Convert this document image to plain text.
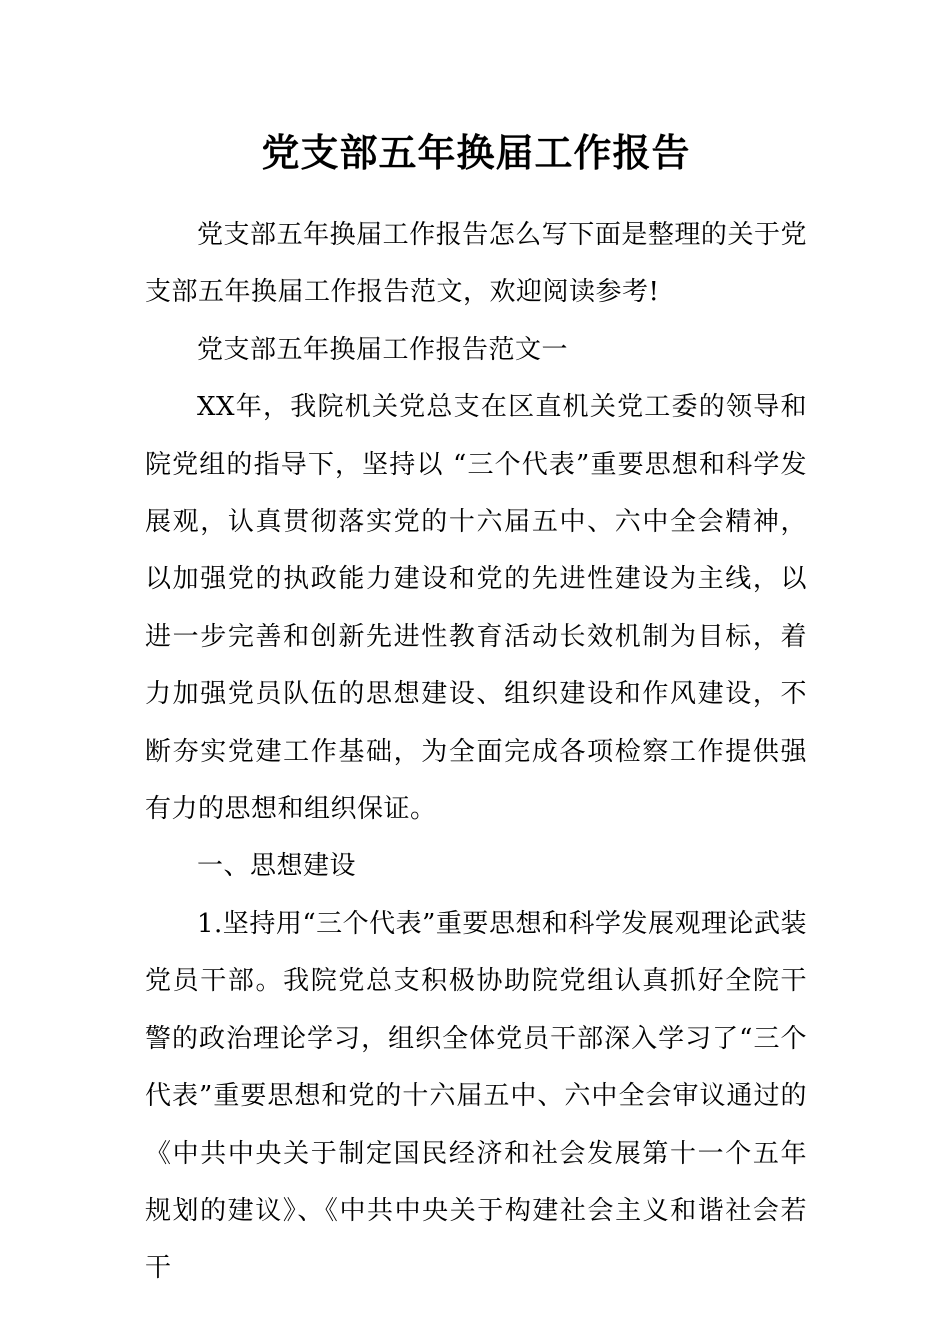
党支部五年换届工作报告

党支部五年换届工作报告怎么写下面是整理的关于党支部五年换届工作报告范文，欢迎阅读参考!

党支部五年换届工作报告范文一

XX年，我院机关党总支在区直机关党工委的领导和院党组的指导下，坚持以 “三个代表”重要思想和科学发展观，认真贯彻落实党的十六届五中、六中全会精神，以加强党的执政能力建设和党的先进性建设为主线，以进一步完善和创新先进性教育活动长效机制为目标，着力加强党员队伍的思想建设、组织建设和作风建设，不断夯实党建工作基础，为全面完成各项检察工作提供强有力的思想和组织保证。

一、思想建设

1.坚持用“三个代表”重要思想和科学发展观理论武装党员干部。我院党总支积极协助院党组认真抓好全院干警的政治理论学习，组织全体党员干部深入学习了“三个代表”重要思想和党的十六届五中、六中全会审议通过的《中共中央关于制定国民经济和社会发展第十一个五年规划的建议》、《中共中央关于构建社会主义和谐社会若干
